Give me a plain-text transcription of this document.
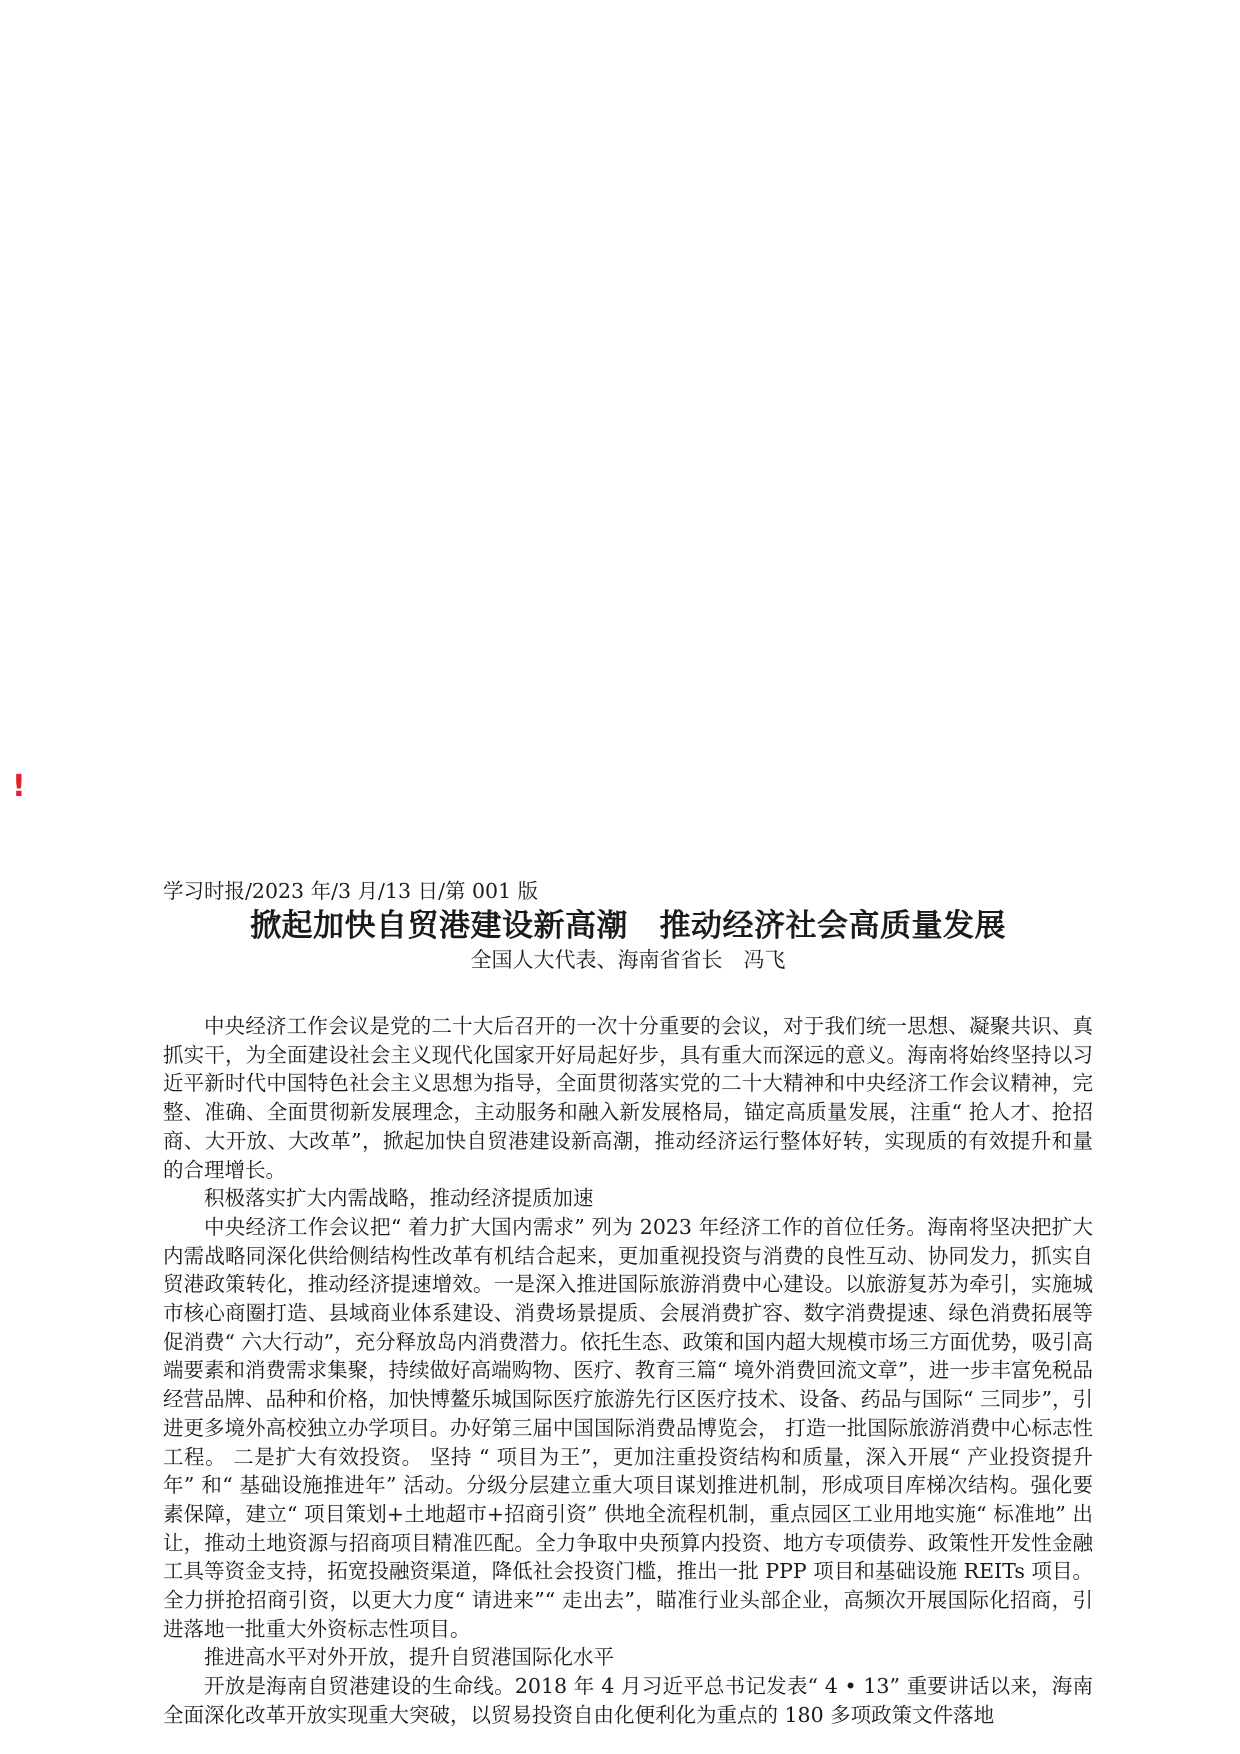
!
学习时报/2023 年/3 月/13 日/第 001 版
掀起加快自贸港建设新高潮　推动经济社会高质量发展
全国人大代表、海南省省长　冯飞

中央经济工作会议是党的二十大后召开的一次十分重要的会议，对于我们统一思想、凝聚共识、真抓实干，为全面建设社会主义现代化国家开好局起好步，具有重大而深远的意义。海南将始终坚持以习近平新时代中国特色社会主义思想为指导，全面贯彻落实党的二十大精神和中央经济工作会议精神，完整、准确、全面贯彻新发展理念，主动服务和融入新发展格局，锚定高质量发展，注重“ 抢人才、抢招商、大开放、大改革”，掀起加快自贸港建设新高潮，推动经济运行整体好转，实现质的有效提升和量的合理增长。

积极落实扩大内需战略，推动经济提质加速

中央经济工作会议把“ 着力扩大国内需求” 列为 2023 年经济工作的首位任务。海南将坚决把扩大内需战略同深化供给侧结构性改革有机结合起来，更加重视投资与消费的良性互动、协同发力，抓实自贸港政策转化，推动经济提速增效。一是深入推进国际旅游消费中心建设。以旅游复苏为牵引，实施城市核心商圈打造、县域商业体系建设、消费场景提质、会展消费扩容、数字消费提速、绿色消费拓展等促消费“ 六大行动”，充分释放岛内消费潜力。依托生态、政策和国内超大规模市场三方面优势，吸引高端要素和消费需求集聚，持续做好高端购物、医疗、教育三篇“ 境外消费回流文章”，进一步丰富免税品经营品牌、品种和价格，加快博鳌乐城国际医疗旅游先行区医疗技术、设备、药品与国际“ 三同步”，引进更多境外高校独立办学项目。办好第三届中国国际消费品博览会， 打造一批国际旅游消费中心标志性工程。 二是扩大有效投资。 坚持 “ 项目为王”，更加注重投资结构和质量，深入开展“ 产业投资提升年” 和“ 基础设施推进年” 活动。分级分层建立重大项目谋划推进机制，形成项目库梯次结构。强化要素保障，建立“ 项目策划+土地超市+招商引资” 供地全流程机制，重点园区工业用地实施“ 标准地” 出让，推动土地资源与招商项目精准匹配。全力争取中央预算内投资、地方专项债券、政策性开发性金融工具等资金支持，拓宽投融资渠道，降低社会投资门槛，推出一批 PPP 项目和基础设施 REITs 项目。全力拼抢招商引资，以更大力度“ 请进来”“ 走出去”，瞄准行业头部企业，高频次开展国际化招商，引进落地一批重大外资标志性项目。

推进高水平对外开放，提升自贸港国际化水平

开放是海南自贸港建设的生命线。2018 年 4 月习近平总书记发表“ 4 • 13” 重要讲话以来，海南全面深化改革开放实现重大突破，以贸易投资自由化便利化为重点的 180 多项政策文件落地
